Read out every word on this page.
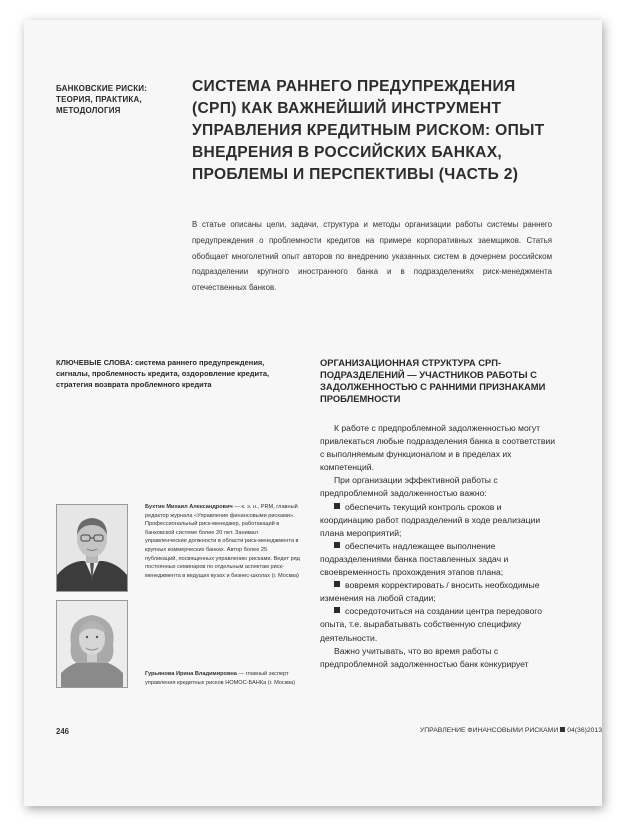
БАНКОВСКИЕ РИСКИ: ТЕОРИЯ, ПРАКТИКА, МЕТОДОЛОГИЯ
СИСТЕМА РАННЕГО ПРЕДУПРЕЖДЕНИЯ (СРП) КАК ВАЖНЕЙШИЙ ИНСТРУМЕНТ УПРАВЛЕНИЯ КРЕДИТНЫМ РИСКОМ: ОПЫТ ВНЕДРЕНИЯ В РОССИЙСКИХ БАНКАХ, ПРОБЛЕМЫ И ПЕРСПЕКТИВЫ (ЧАСТЬ 2)
В статье описаны цели, задачи, структура и методы организации работы системы раннего предупреждения о проблемности кредитов на примере корпоративных заемщиков. Статья обобщает многолетний опыт авторов по внедрению указанных систем в дочернем российском подразделении крупного иностранного банка и в подразделениях риск-менеджмента отечественных банков.
КЛЮЧЕВЫЕ СЛОВА: система раннего предупреждения, сигналы, проблемность кредита, оздоровление кредита, стратегия возврата проблемного кредита
ОРГАНИЗАЦИОННАЯ СТРУКТУРА СРП-ПОДРАЗДЕЛЕНИЙ — УЧАСТНИКОВ РАБОТЫ С ЗАДОЛЖЕННОСТЬЮ С РАННИМИ ПРИЗНАКАМИ ПРОБЛЕМНОСТИ

К работе с предпроблемной задолженностью могут привлекаться любые подразделения банка в соответствии с выполняемым функционалом и в пределах их компетенций.

При организации эффективной работы с предпроблемной задолженностью важно:

обеспечить текущий контроль сроков и координацию работ подразделений в ходе реализации плана мероприятий;
обеспечить надлежащее выполнение подразделениями банка поставленных задач и своевременность прохождения этапов плана;
вовремя корректировать / вносить необходимые изменения на любой стадии;
сосредоточиться на создании центра передового опыта, т.е. вырабатывать собственную специфику деятельности.

Важно учитывать, что во время работы с предпроблемной задолженностью банк конкурирует

Бухтин Михаил Александрович — к. э. н., PRM, главный редактор журнала «Управление финансовыми рисками». Профессиональный риск-менеджер, работающий в банковской системе более 20 лет. Занимал управленческие должности в области риск-менеджмента в крупных коммерческих банках. Автор более 25 публикаций, посвященных управлению рисками. Ведет ряд постоянных семинаров по отдельным аспектам риск-менеджмента в ведущих вузах и бизнес-школах (г. Москва)
Гурьянова Ирина Владимировна — главный эксперт управления кредитных рисков НОМОС-БАНКа (г. Москва)
246	УПРАВЛЕНИЕ ФИНАНСОВЫМИ РИСКАМИ 04(36)2013
